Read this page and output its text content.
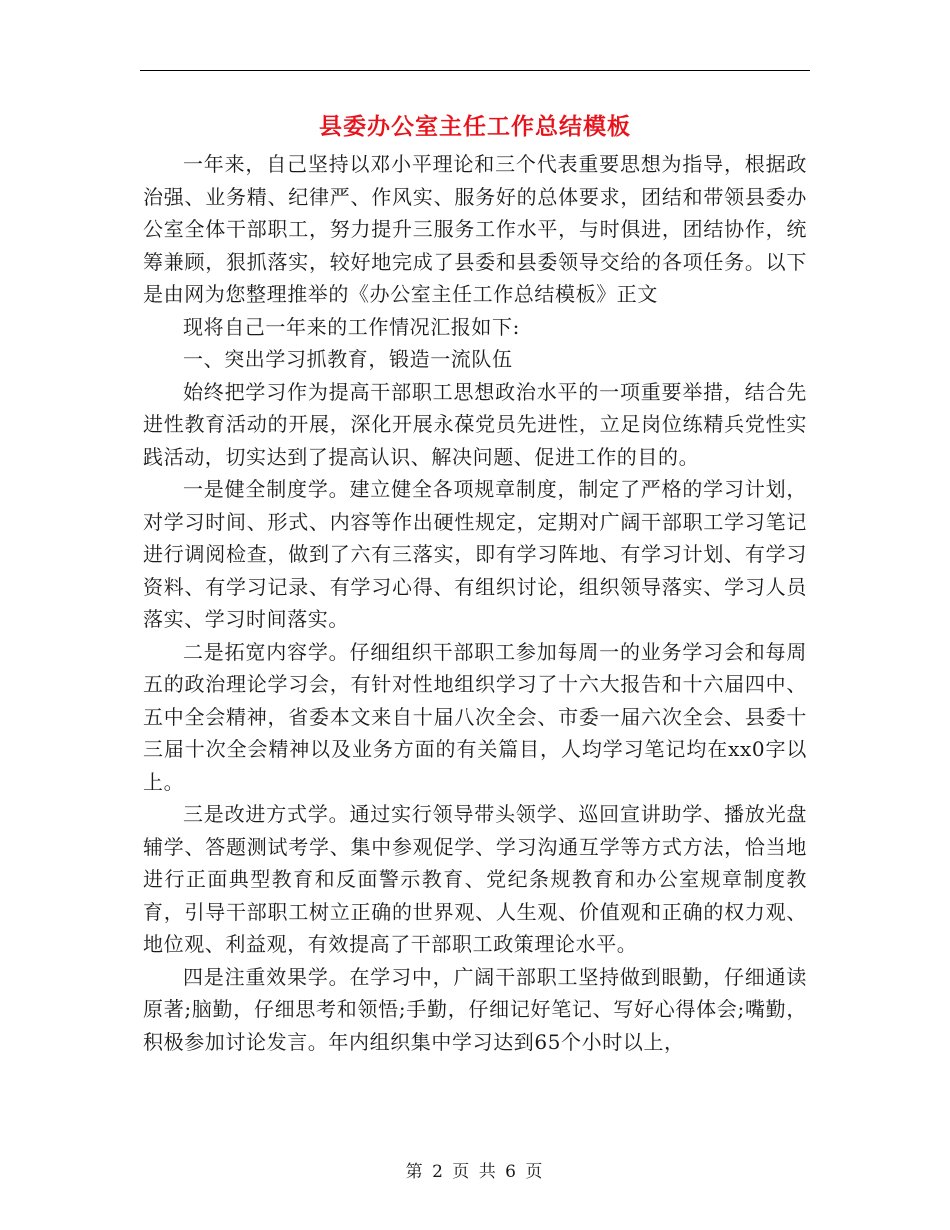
县委办公室主任工作总结模板

一年来，自己坚持以邓小平理论和三个代表重要思想为指导，根据政治强、业务精、纪律严、作风实、服务好的总体要求，团结和带领县委办公室全体干部职工，努力提升三服务工作水平，与时俱进，团结协作，统筹兼顾，狠抓落实，较好地完成了县委和县委领导交给的各项任务。以下是由网为您整理推举的《办公室主任工作总结模板》正文

现将自己一年来的工作情况汇报如下:

一、突出学习抓教育，锻造一流队伍

始终把学习作为提高干部职工思想政治水平的一项重要举措，结合先进性教育活动的开展，深化开展永葆党员先进性，立足岗位练精兵党性实践活动，切实达到了提高认识、解决问题、促进工作的目的。

一是健全制度学。建立健全各项规章制度，制定了严格的学习计划，对学习时间、形式、内容等作出硬性规定，定期对广阔干部职工学习笔记进行调阅检查，做到了六有三落实，即有学习阵地、有学习计划、有学习资料、有学习记录、有学习心得、有组织讨论，组织领导落实、学习人员落实、学习时间落实。

二是拓宽内容学。仔细组织干部职工参加每周一的业务学习会和每周五的政治理论学习会，有针对性地组织学习了十六大报告和十六届四中、五中全会精神，省委本文来自十届八次全会、市委一届六次全会、县委十三届十次全会精神以及业务方面的有关篇目，人均学习笔记均在xx0字以上。

三是改进方式学。通过实行领导带头领学、巡回宣讲助学、播放光盘辅学、答题测试考学、集中参观促学、学习沟通互学等方式方法，恰当地进行正面典型教育和反面警示教育、党纪条规教育和办公室规章制度教育，引导干部职工树立正确的世界观、人生观、价值观和正确的权力观、地位观、利益观，有效提高了干部职工政策理论水平。

四是注重效果学。在学习中，广阔干部职工坚持做到眼勤，仔细通读原著;脑勤，仔细思考和领悟;手勤，仔细记好笔记、写好心得体会;嘴勤，积极参加讨论发言。年内组织集中学习达到65个小时以上，

第 2 页 共 6 页
